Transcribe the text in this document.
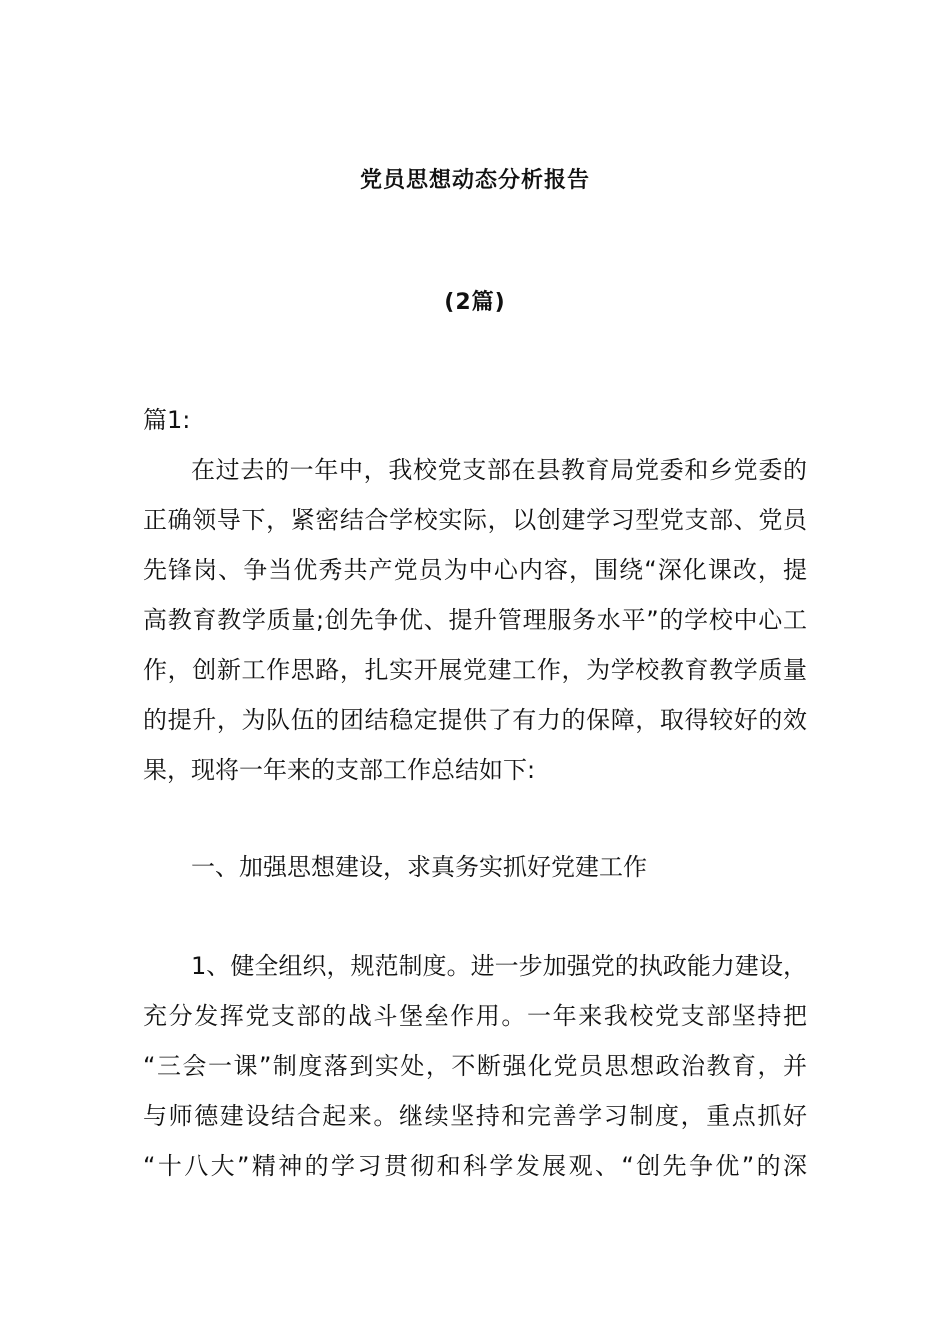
党员思想动态分析报告
(2篇)
篇1:
在过去的一年中，我校党支部在县教育局党委和乡党委的
正确领导下，紧密结合学校实际，以创建学习型党支部、党员
先锋岗、争当优秀共产党员为中心内容，围绕“深化课改，提
高教育教学质量;创先争优、提升管理服务水平”的学校中心工
作，创新工作思路，扎实开展党建工作，为学校教育教学质量
的提升，为队伍的团结稳定提供了有力的保障，取得较好的效
果，现将一年来的支部工作总结如下:
一、加强思想建设，求真务实抓好党建工作
1、健全组织，规范制度。进一步加强党的执政能力建设，
充分发挥党支部的战斗堡垒作用。一年来我校党支部坚持把
“三会一课”制度落到实处，不断强化党员思想政治教育，并
与师德建设结合起来。继续坚持和完善学习制度，重点抓好
“十八大”精神的学习贯彻和科学发展观、“创先争优”的深
